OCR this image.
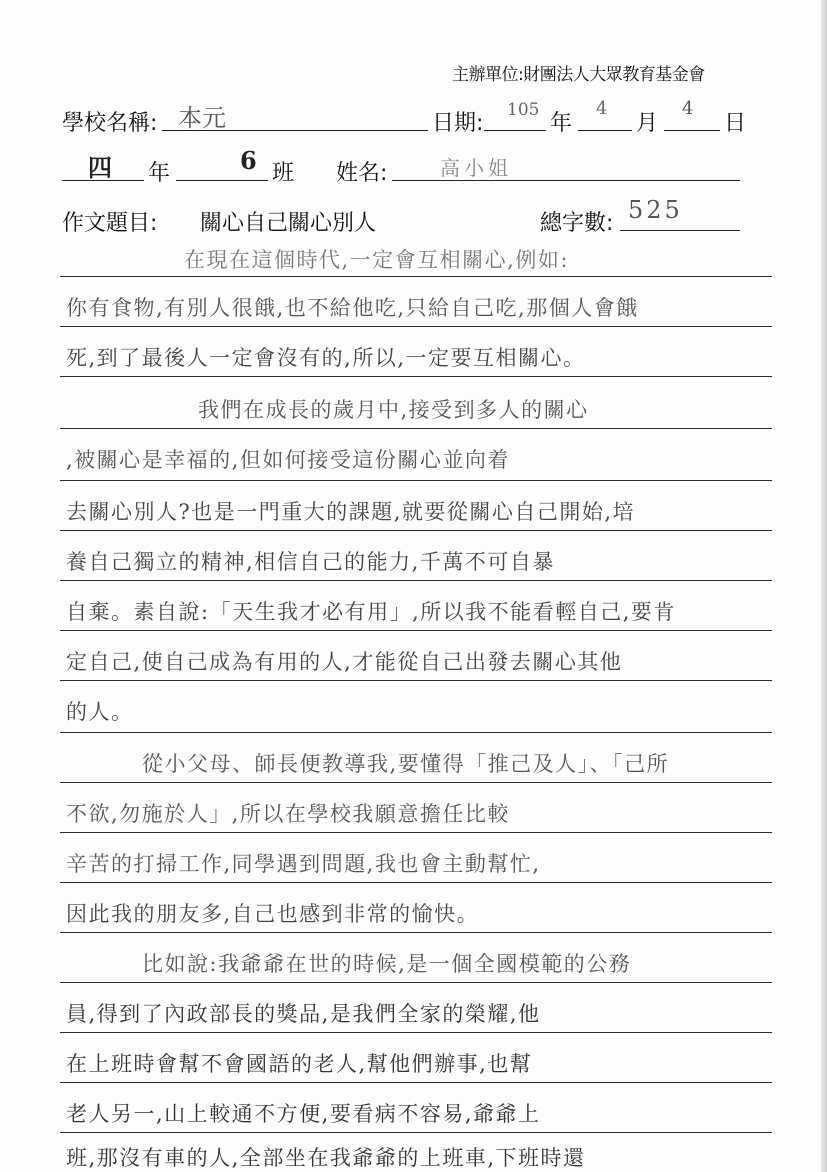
主辦單位:財團法人大眾教育基金會
學校名稱: 本元	日期:
105
年
4
月
4
日
四 年	6 班 姓名:	高小姐
作文題目: 關心自己關心別人	總字數: 525
在現在這個時代,一定會互相關心,例如:
你有食物,有別人很餓,也不給他吃,只給自己吃,那個人會餓
死,到了最後人一定會沒有的,所以,一定要互相關心。
我們在成長的歲月中,接受到多人的關心
,被關心是幸福的,但如何接受這份關心並向着
去關心別人?也是一門重大的課題,就要從關心自己開始,培
養自己獨立的精神,相信自己的能力,千萬不可自暴
自棄。素自說:「天生我才必有用」,所以我不能看輕自己,要肯
定自己,使自己成為有用的人,才能從自己出發去關心其他
的人。
從小父母、師長便教導我,要懂得「推己及人」、「己所
不欲,勿施於人」,所以在學校我願意擔任比較
辛苦的打掃工作,同學遇到問題,我也會主動幫忙,
因此我的朋友多,自己也感到非常的愉快。
比如說:我爺爺在世的時候,是一個全國模範的公務
員,得到了內政部長的獎品,是我們全家的榮耀,他
在上班時會幫不會國語的老人,幫他們辦事,也幫
老人另一,山上較通不方便,要看病不容易,爺爺上
班,那沒有車的人,全部坐在我爺爺的上班車,下班時還
